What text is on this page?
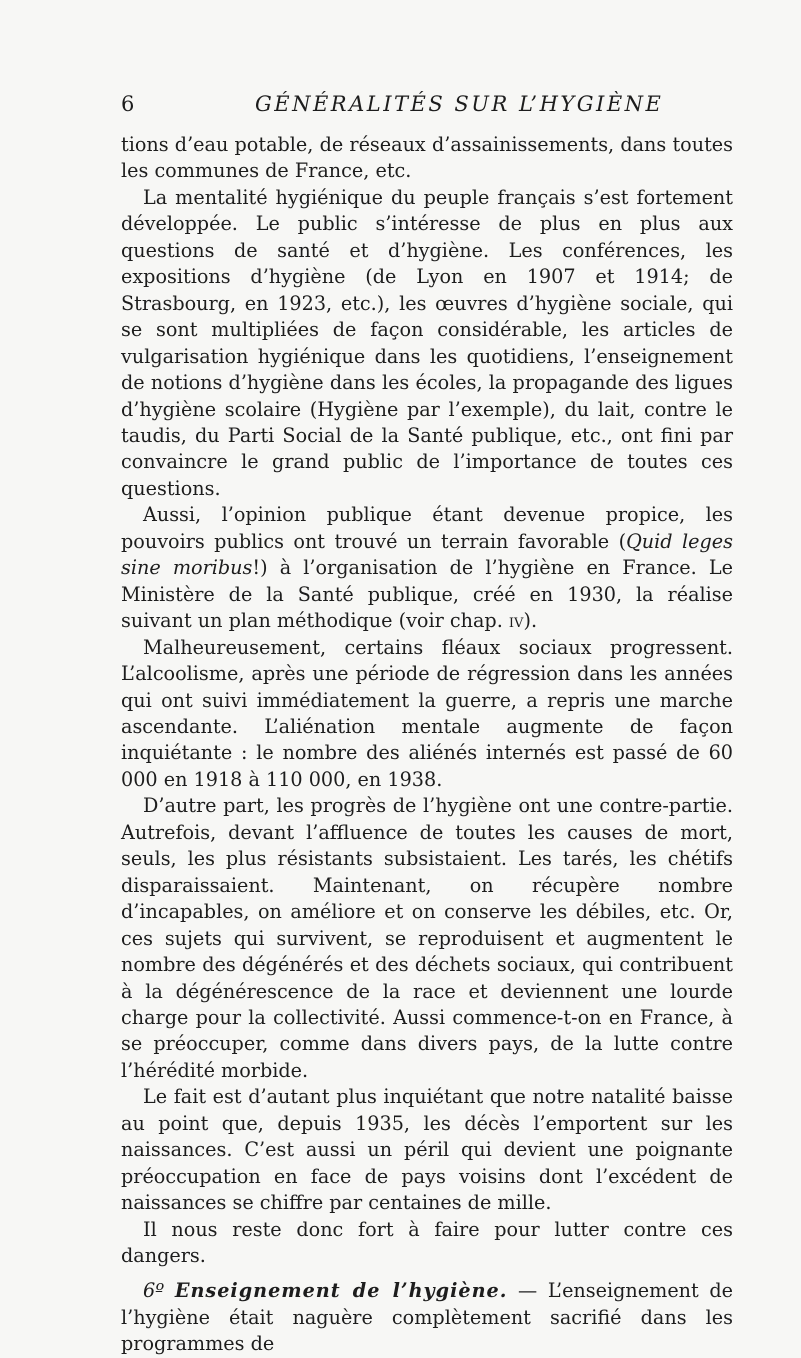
6	GÉNÉRALITÉS SUR L’HYGIÈNE

tions d’eau potable, de réseaux d’assainissements, dans toutes les communes de France, etc.

La mentalité hygiénique du peuple français s’est fortement développée. Le public s’intéresse de plus en plus aux questions de santé et d’hygiène. Les conférences, les expositions d’hygiène (de Lyon en 1907 et 1914; de Strasbourg, en 1923, etc.), les œuvres d’hygiène sociale, qui se sont multipliées de façon considérable, les articles de vulgarisation hygiénique dans les quotidiens, l’enseignement de notions d’hygiène dans les écoles, la propagande des ligues d’hygiène scolaire (Hygiène par l’exemple), du lait, contre le taudis, du Parti Social de la Santé publique, etc., ont fini par convaincre le grand public de l’importance de toutes ces questions.

Aussi, l’opinion publique étant devenue propice, les pouvoirs publics ont trouvé un terrain favorable (Quid leges sine moribus!) à l’organisation de l’hygiène en France. Le Ministère de la Santé publique, créé en 1930, la réalise suivant un plan méthodique (voir chap. iv).

Malheureusement, certains fléaux sociaux progressent. L’alcoolisme, après une période de régression dans les années qui ont suivi immédiatement la guerre, a repris une marche ascendante. L’aliénation mentale augmente de façon inquiétante : le nombre des aliénés internés est passé de 60 000 en 1918 à 110 000, en 1938.

D’autre part, les progrès de l’hygiène ont une contre-partie. Autrefois, devant l’affluence de toutes les causes de mort, seuls, les plus résistants subsistaient. Les tarés, les chétifs disparaissaient. Maintenant, on récupère nombre d’incapables, on améliore et on conserve les débiles, etc. Or, ces sujets qui survivent, se reproduisent et augmentent le nombre des dégénérés et des déchets sociaux, qui contribuent à la dégénérescence de la race et deviennent une lourde charge pour la collectivité. Aussi commence-t-on en France, à se préoccuper, comme dans divers pays, de la lutte contre l’hérédité morbide.

Le fait est d’autant plus inquiétant que notre natalité baisse au point que, depuis 1935, les décès l’emportent sur les naissances. C’est aussi un péril qui devient une poignante préoccupation en face de pays voisins dont l’excédent de naissances se chiffre par centaines de mille.

Il nous reste donc fort à faire pour lutter contre ces dangers.

6º Enseignement de l’hygiène. — L’enseignement de l’hygiène était naguère complètement sacrifié dans les programmes de
